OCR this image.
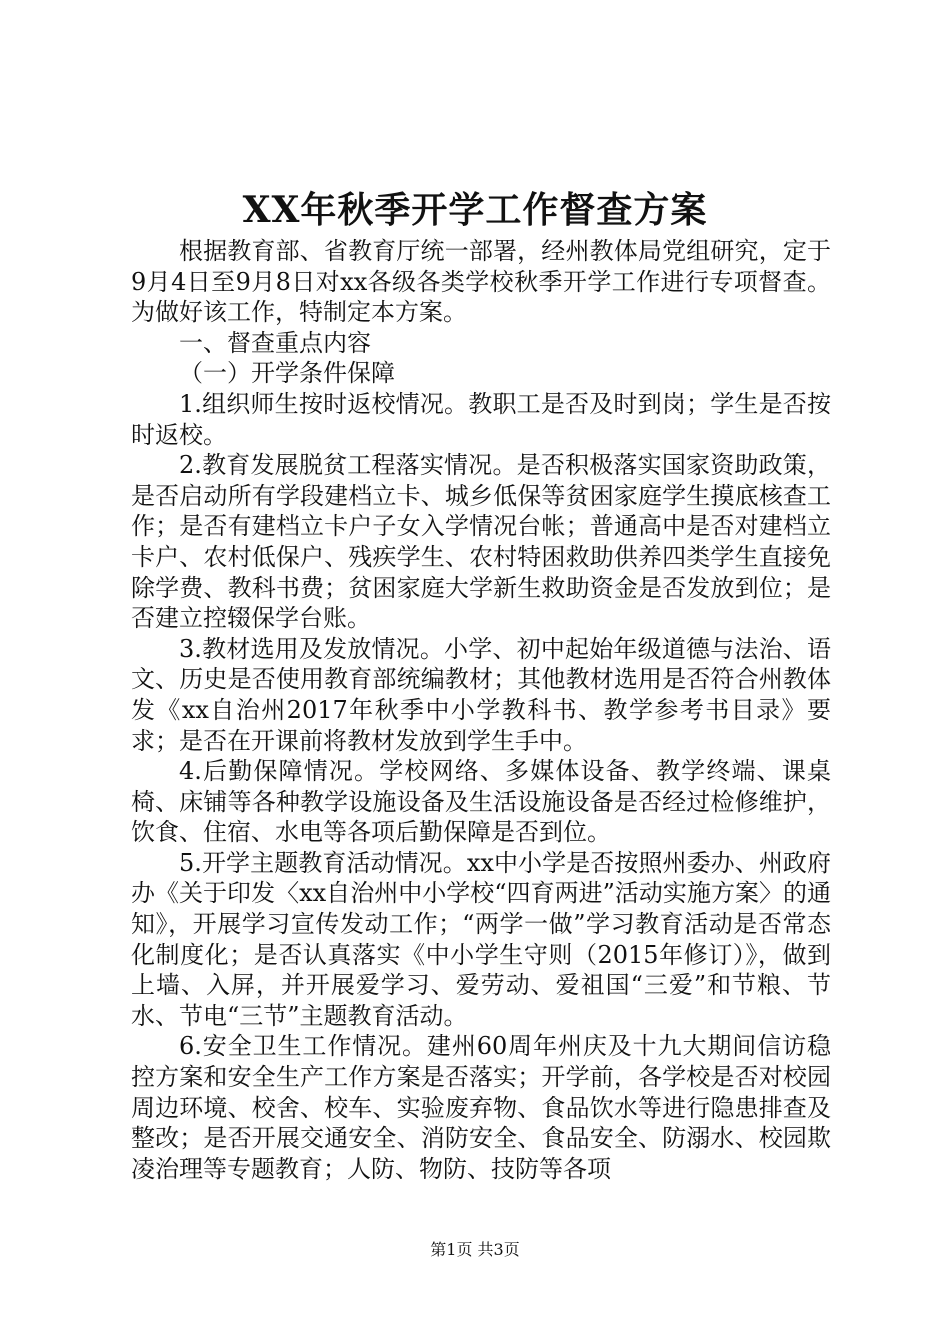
XX年秋季开学工作督查方案

根据教育部、省教育厅统一部署，经州教体局党组研究，定于9月4日至9月8日对xx各级各类学校秋季开学工作进行专项督查。为做好该工作，特制定本方案。

一、督查重点内容

（一）开学条件保障

1.组织师生按时返校情况。教职工是否及时到岗；学生是否按时返校。

2.教育发展脱贫工程落实情况。是否积极落实国家资助政策，是否启动所有学段建档立卡、城乡低保等贫困家庭学生摸底核查工作；是否有建档立卡户子女入学情况台帐；普通高中是否对建档立卡户、农村低保户、残疾学生、农村特困救助供养四类学生直接免除学费、教科书费；贫困家庭大学新生救助资金是否发放到位；是否建立控辍保学台账。

3.教材选用及发放情况。小学、初中起始年级道德与法治、语文、历史是否使用教育部统编教材；其他教材选用是否符合州教体发《xx自治州2017年秋季中小学教科书、教学参考书目录》要求；是否在开课前将教材发放到学生手中。

4.后勤保障情况。学校网络、多媒体设备、教学终端、课桌椅、床铺等各种教学设施设备及生活设施设备是否经过检修维护，饮食、住宿、水电等各项后勤保障是否到位。

5.开学主题教育活动情况。xx中小学是否按照州委办、州政府办《关于印发〈xx自治州中小学校“四育两进”活动实施方案〉的通知》，开展学习宣传发动工作；“两学一做”学习教育活动是否常态化制度化；是否认真落实《中小学生守则（2015年修订）》，做到上墙、入屏，并开展爱学习、爱劳动、爱祖国“三爱”和节粮、节水、节电“三节”主题教育活动。

6.安全卫生工作情况。建州60周年州庆及十九大期间信访稳控方案和安全生产工作方案是否落实；开学前，各学校是否对校园周边环境、校舍、校车、实验废弃物、食品饮水等进行隐患排查及整改；是否开展交通安全、消防安全、食品安全、防溺水、校园欺凌治理等专题教育；人防、物防、技防等各项

第1页 共3页
